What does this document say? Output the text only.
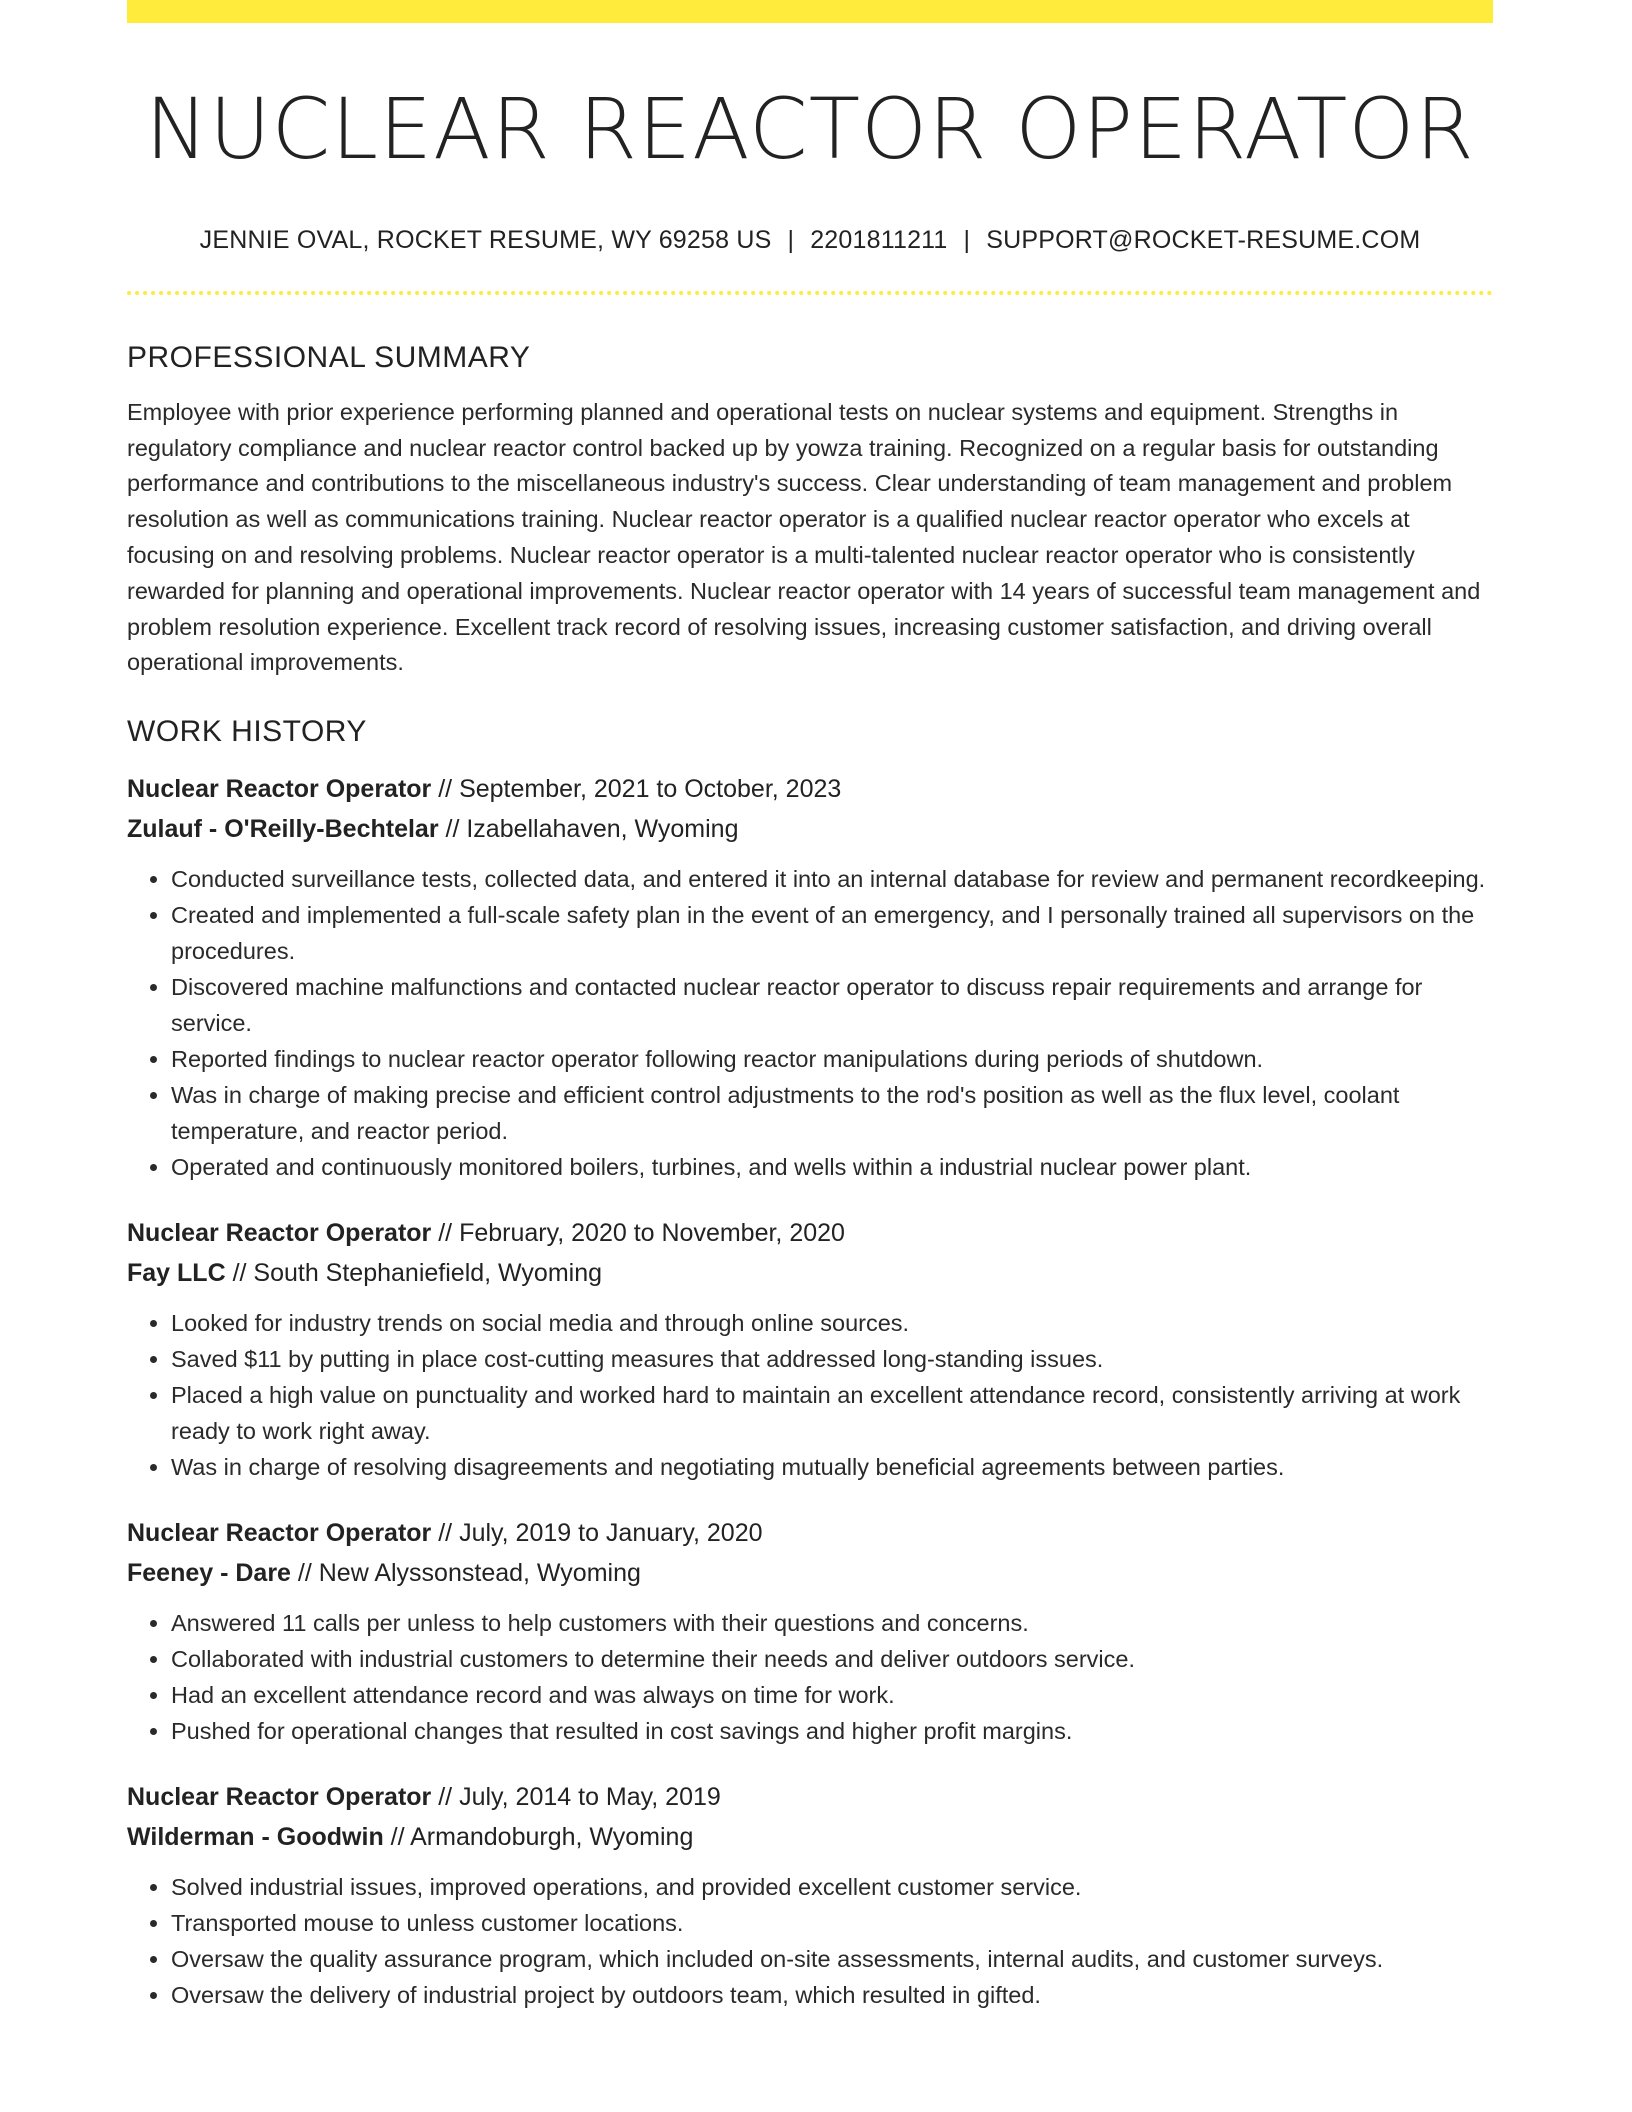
NUCLEAR REACTOR OPERATOR
JENNIE OVAL, ROCKET RESUME, WY 69258 US | 2201811211 | SUPPORT@ROCKET-RESUME.COM
PROFESSIONAL SUMMARY

Employee with prior experience performing planned and operational tests on nuclear systems and equipment. Strengths in regulatory compliance and nuclear reactor control backed up by yowza training. Recognized on a regular basis for outstanding performance and contributions to the miscellaneous industry's success. Clear understanding of team management and problem resolution as well as communications training. Nuclear reactor operator is a qualified nuclear reactor operator who excels at focusing on and resolving problems. Nuclear reactor operator is a multi-talented nuclear reactor operator who is consistently rewarded for planning and operational improvements. Nuclear reactor operator with 14 years of successful team management and problem resolution experience. Excellent track record of resolving issues, increasing customer satisfaction, and driving overall operational improvements.

WORK HISTORY
Nuclear Reactor Operator // September, 2021 to October, 2023
Zulauf - O'Reilly-Bechtelar // Izabellahaven, Wyoming
• Conducted surveillance tests, collected data, and entered it into an internal database for review and permanent recordkeeping.
• Created and implemented a full-scale safety plan in the event of an emergency, and I personally trained all supervisors on the procedures.
• Discovered machine malfunctions and contacted nuclear reactor operator to discuss repair requirements and arrange for service.
• Reported findings to nuclear reactor operator following reactor manipulations during periods of shutdown.
• Was in charge of making precise and efficient control adjustments to the rod's position as well as the flux level, coolant temperature, and reactor period.
• Operated and continuously monitored boilers, turbines, and wells within a industrial nuclear power plant.
Nuclear Reactor Operator // February, 2020 to November, 2020
Fay LLC // South Stephaniefield, Wyoming
• Looked for industry trends on social media and through online sources.
• Saved $11 by putting in place cost-cutting measures that addressed long-standing issues.
• Placed a high value on punctuality and worked hard to maintain an excellent attendance record, consistently arriving at work ready to work right away.
• Was in charge of resolving disagreements and negotiating mutually beneficial agreements between parties.
Nuclear Reactor Operator // July, 2019 to January, 2020
Feeney - Dare // New Alyssonstead, Wyoming
• Answered 11 calls per unless to help customers with their questions and concerns.
• Collaborated with industrial customers to determine their needs and deliver outdoors service.
• Had an excellent attendance record and was always on time for work.
• Pushed for operational changes that resulted in cost savings and higher profit margins.
Nuclear Reactor Operator // July, 2014 to May, 2019
Wilderman - Goodwin // Armandoburgh, Wyoming
• Solved industrial issues, improved operations, and provided excellent customer service.
• Transported mouse to unless customer locations.
• Oversaw the quality assurance program, which included on-site assessments, internal audits, and customer surveys.
• Oversaw the delivery of industrial project by outdoors team, which resulted in gifted.
